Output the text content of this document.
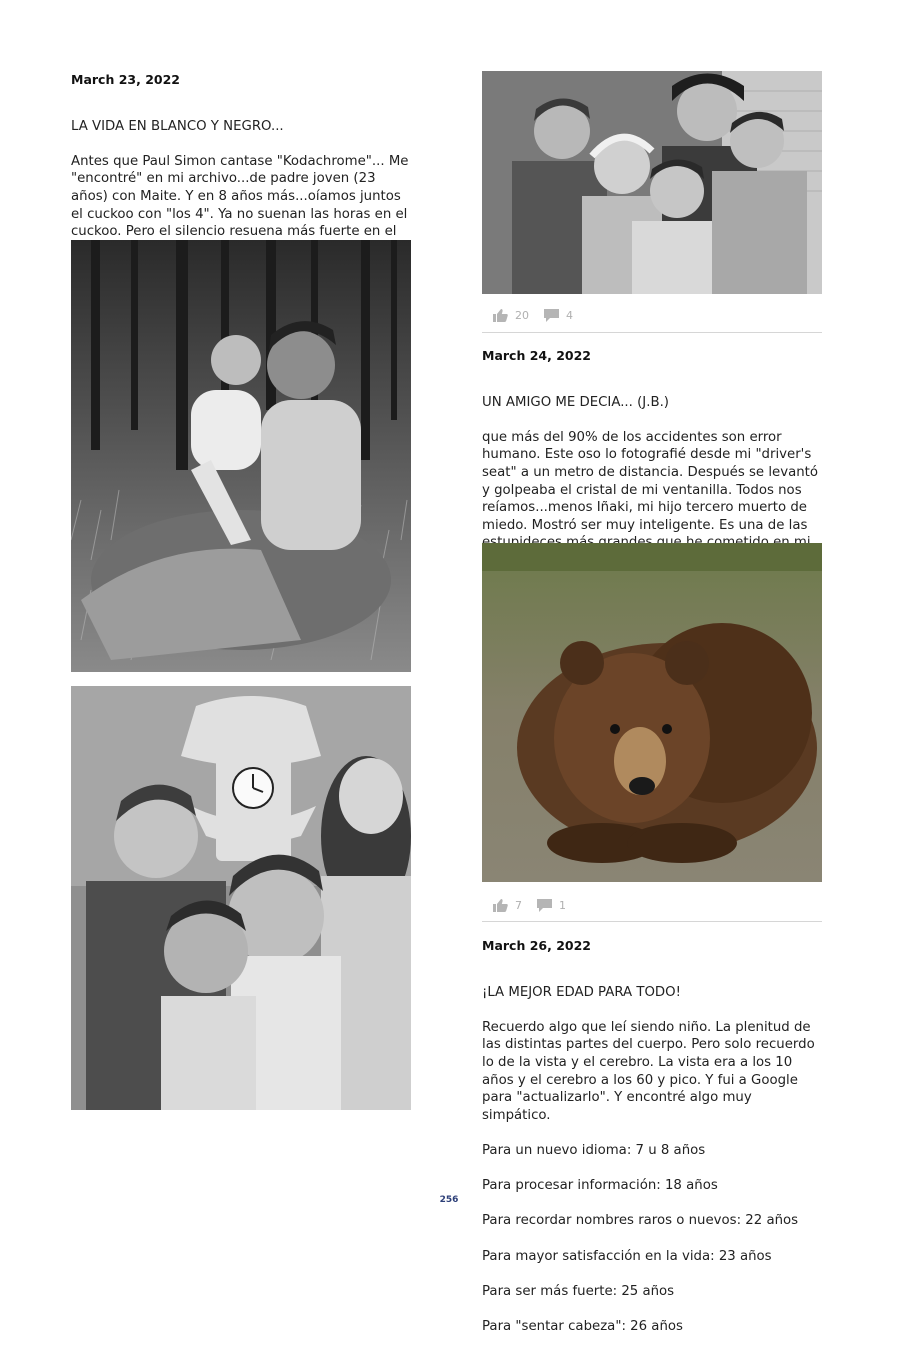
March 23, 2022

LA VIDA EN BLANCO Y NEGRO...

Antes que Paul Simon cantase "Kodachrome"... Me "encontré" en mi archivo...de padre joven (23 años) con Maite. Y en 8 años más...oíamos juntos el cuckoo con "los 4". Ya no suenan las horas en el cuckoo. Pero el silencio resuena más fuerte en el

20	4

March 24, 2022

UN AMIGO ME DECIA... (J.B.)

que más del 90% de los accidentes son error humano. Este oso lo fotografié desde mi "driver's seat" a un metro de distancia. Después se levantó y golpeaba el cristal de mi ventanilla. Todos nos reíamos...menos Iñaki, mi hijo tercero muerto de miedo. Mostró ser muy inteligente. Es una de las

7	1

March 26, 2022

¡LA MEJOR EDAD PARA TODO!

Recuerdo algo que leí siendo niño. La plenitud de las distintas partes del cuerpo. Pero solo recuerdo lo de la vista y el cerebro. La vista era a los 10 años y el cerebro a los 60 y pico. Y fui a Google para "actualizarlo". Y encontré algo muy simpático.

Para un nuevo idioma: 7 u 8 años

Para procesar información: 18 años

Para recordar nombres raros o nuevos: 22 años

Para mayor satisfacción en la vida: 23 años

Para ser más fuerte: 25 años

Para "sentar cabeza": 26 años

256
